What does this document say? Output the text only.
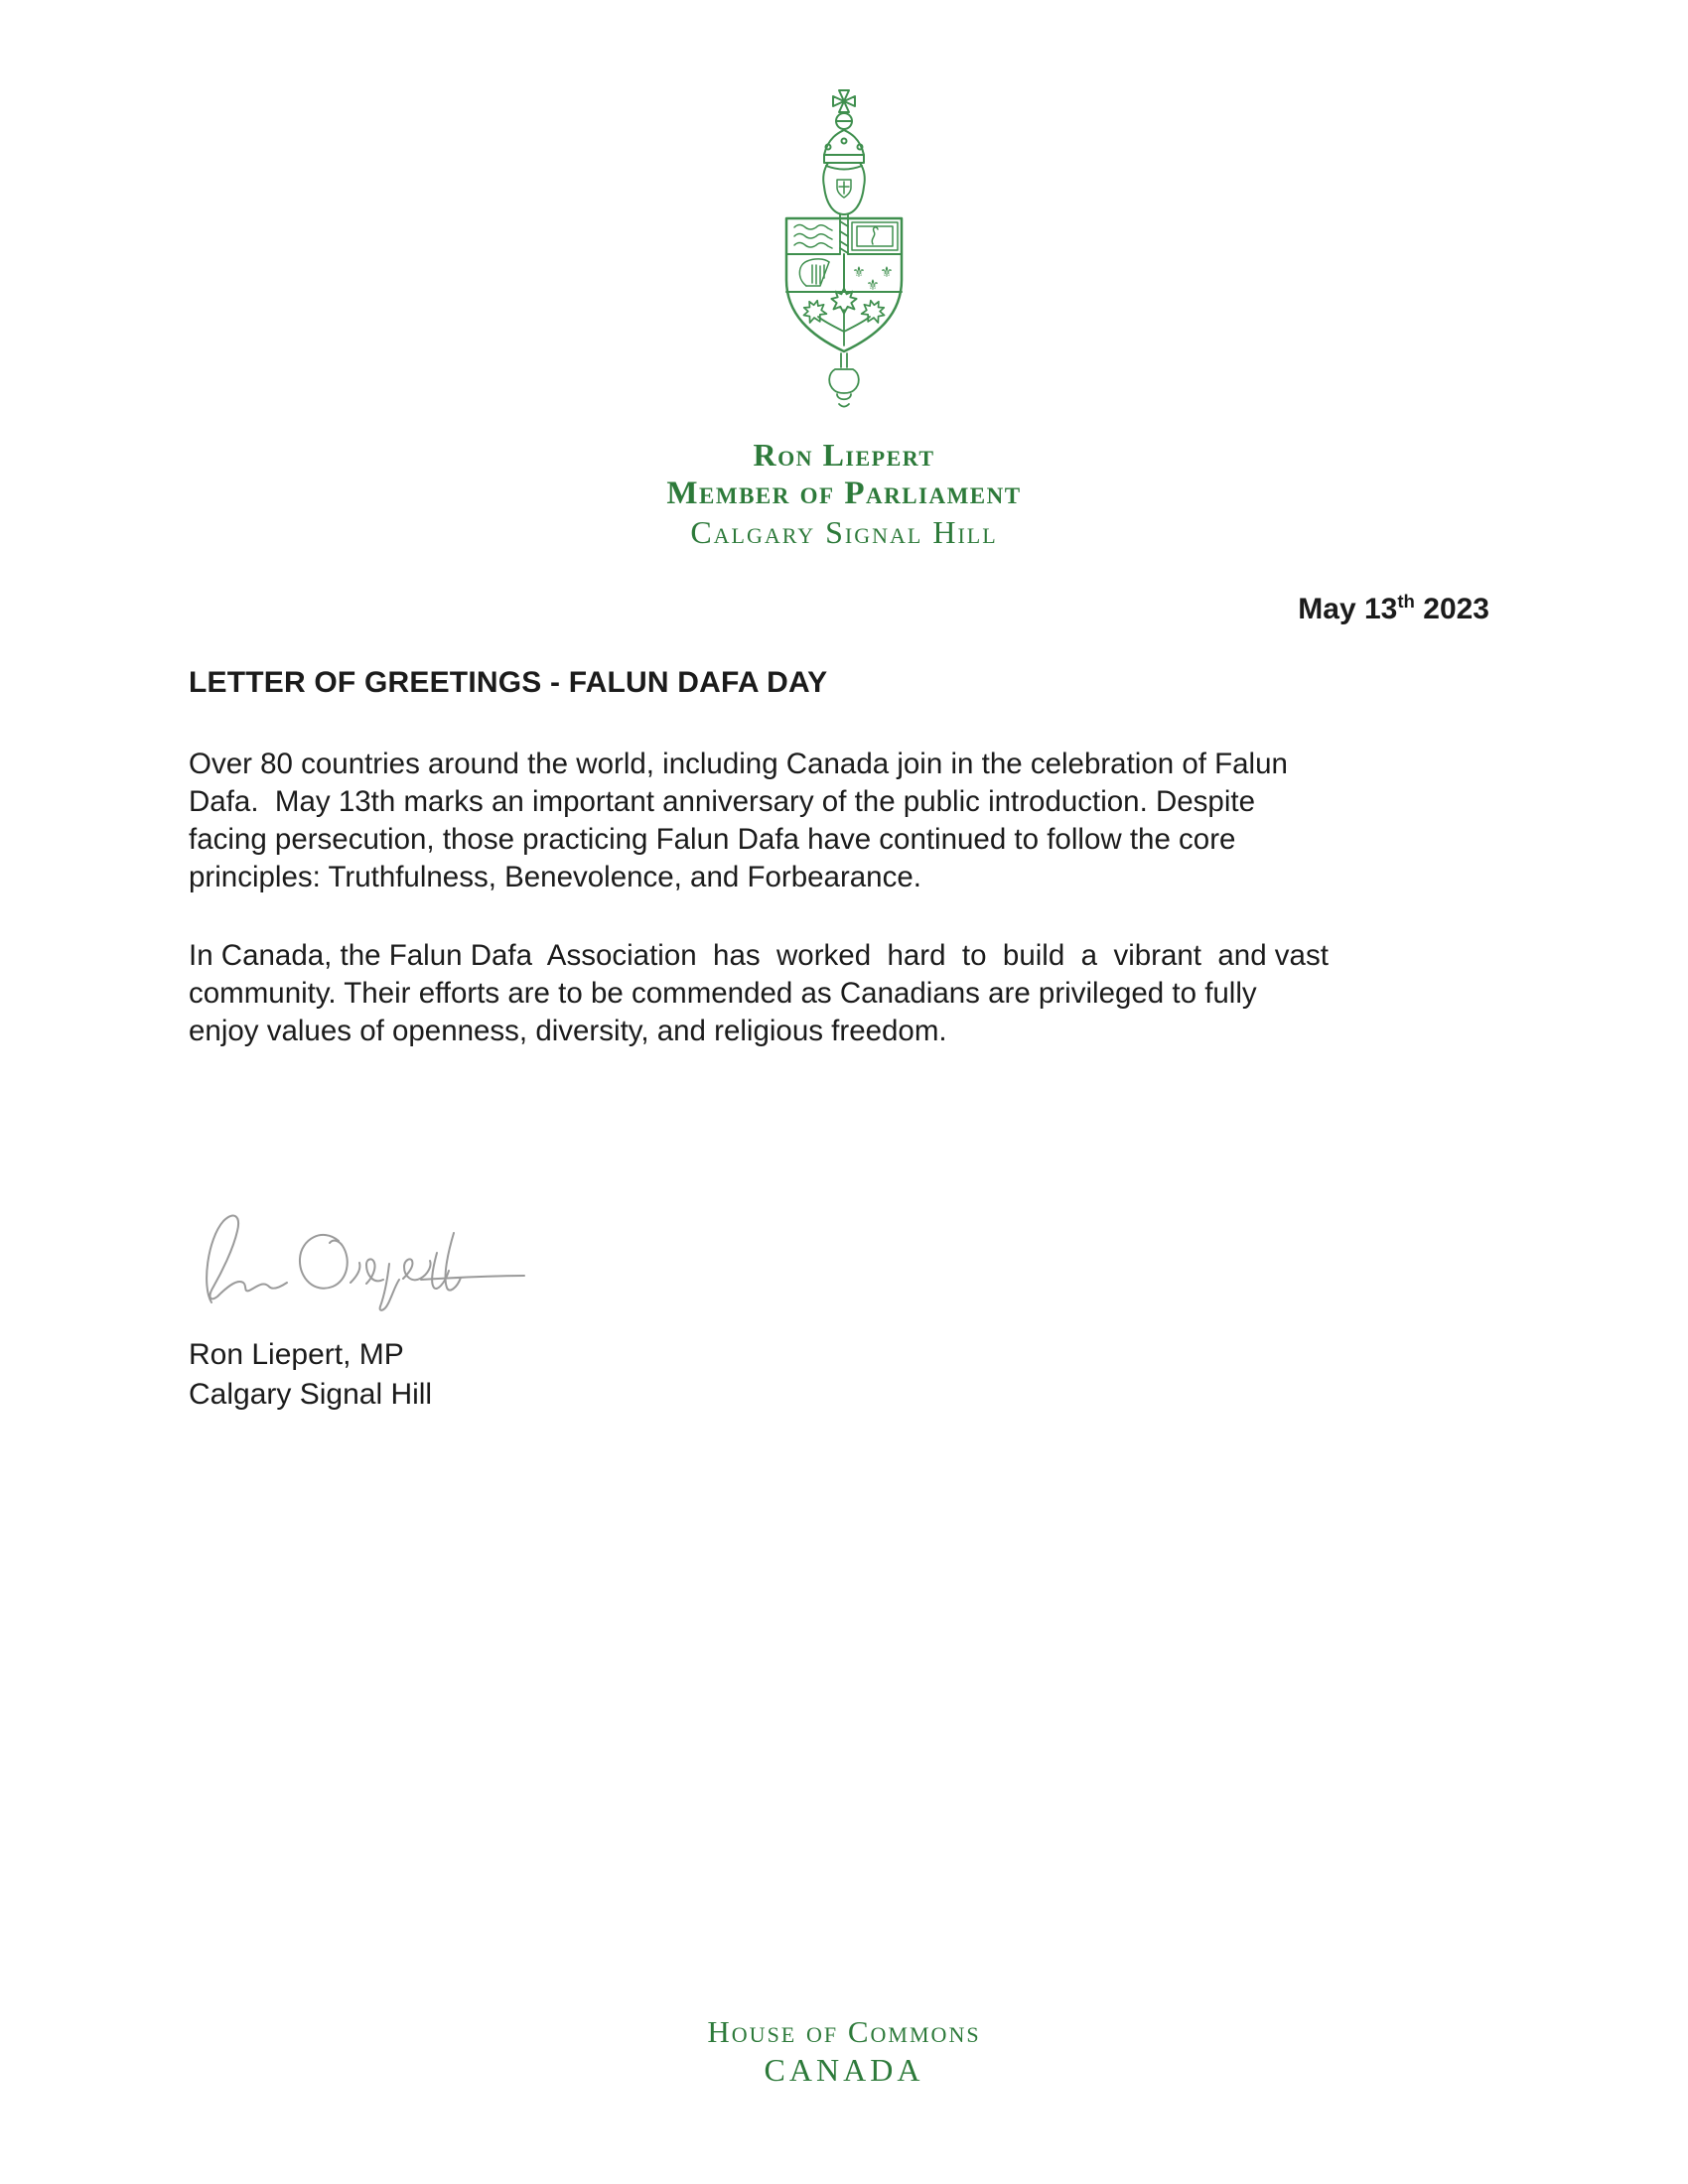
⚜ ⚜
⚜
Ron Liepert
Member of Parliament
Calgary Signal Hill
May 13th 2023
LETTER OF GREETINGS - FALUN DAFA DAY
Over 80 countries around the world, including Canada join in the celebration of Falun
Dafa.  May 13th marks an important anniversary of the public introduction. Despite
facing persecution, those practicing Falun Dafa have continued to follow the core
principles: Truthfulness, Benevolence, and Forbearance.
In Canada, the Falun Dafa  Association  has  worked  hard  to  build  a  vibrant  and vast
community. Their efforts are to be commended as Canadians are privileged to fully
enjoy values of openness, diversity, and religious freedom.
Ron Liepert, MP
Calgary Signal Hill
House of Commons
CANADA
